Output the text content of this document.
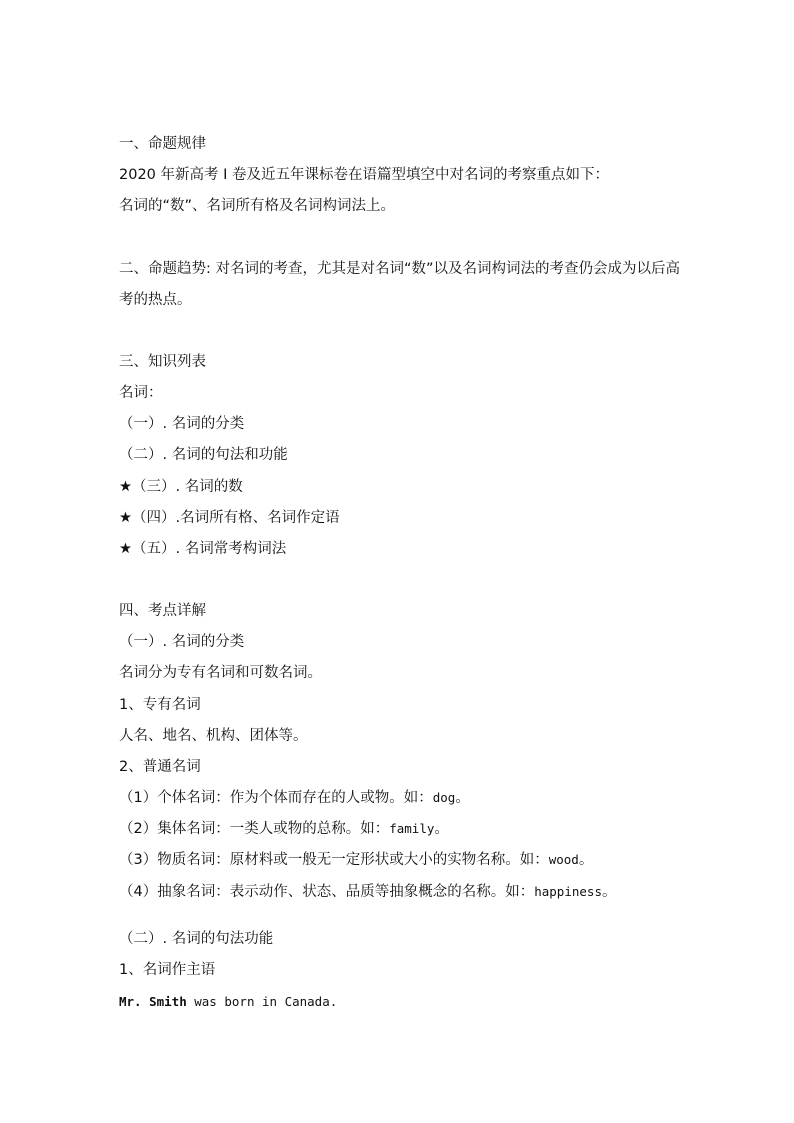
一、命题规律
2020 年新高考 I 卷及近五年课标卷在语篇型填空中对名词的考察重点如下：
名词的“数”、名词所有格及名词构词法上。
二、命题趋势: 对名词的考查，尤其是对名词“数”以及名词构词法的考查仍会成为以后高
考的热点。
三、知识列表
名词：
（一）. 名词的分类
（二）. 名词的句法和功能
★（三）. 名词的数
★（四）.名词所有格、名词作定语
★（五）. 名词常考构词法
四、考点详解
（一）. 名词的分类
名词分为专有名词和可数名词。
1、专有名词
人名、地名、机构、团体等。
2、普通名词
（1）个体名词：作为个体而存在的人或物。如：dog。
（2）集体名词：一类人或物的总称。如：family。
（3）物质名词：原材料或一般无一定形状或大小的实物名称。如：wood。
（4）抽象名词：表示动作、状态、品质等抽象概念的名称。如：happiness。
（二）. 名词的句法功能
1、名词作主语
Mr. Smith was born in Canada.
